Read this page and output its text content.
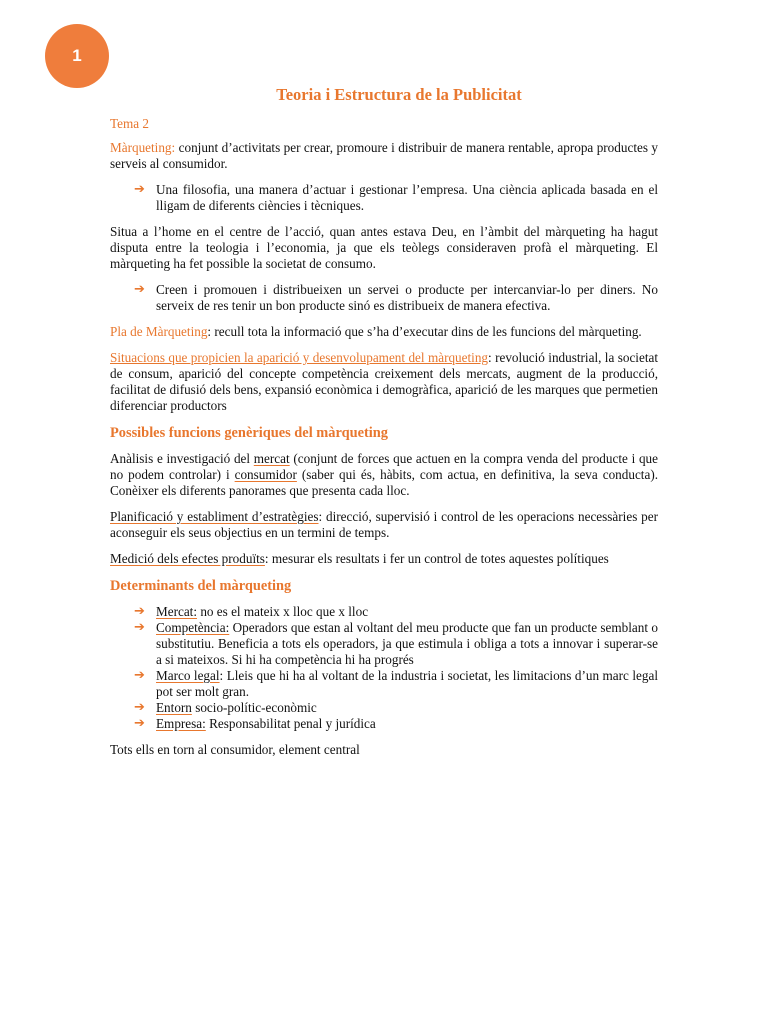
1
Teoria i Estructura de la Publicitat

Tema 2

Màrqueting: conjunt d’activitats per crear, promoure i distribuir de manera rentable, apropa productes y serveis al consumidor.

➔ Una filosofia, una manera d’actuar i gestionar l’empresa. Una ciència aplicada basada en el lligam de diferents ciències i tècniques.

Situa a l’home en el centre de l’acció, quan antes estava Deu, en l’àmbit del màrqueting ha hagut disputa entre la teologia i l’economia, ja que els teòlegs consideraven profà el màrqueting. El màrqueting ha fet possible la societat de consumo.

➔ Creen i promouen i distribueixen un servei o producte per intercanviar-lo per diners. No serveix de res tenir un bon producte sinó es distribueix de manera efectiva.

Pla de Màrqueting: recull tota la informació que s’ha d’executar dins de les funcions del màrqueting.

Situacions que propicien la aparició y desenvolupament del màrqueting: revolució industrial, la societat de consum, aparició del concepte competència creixement dels mercats, augment de la producció, facilitat de difusió dels bens, expansió econòmica i demogràfica, aparició de les marques que permetien diferenciar productors

Possibles funcions genèriques del màrqueting

Anàlisis e investigació del mercat (conjunt de forces que actuen en la compra venda del producte i que no podem controlar) i consumidor (saber qui és, hàbits, com actua, en definitiva, la seva conducta). Conèixer els diferents panorames que presenta cada lloc.

Planificació y establiment d’estratègies: direcció, supervisió i control de les operacions necessàries per aconseguir els seus objectius en un termini de temps.

Medició dels efectes produïts: mesurar els resultats i fer un control de totes aquestes polítiques

Determinants del màrqueting
➔ Mercat: no es el mateix x lloc que x lloc
➔ Competència: Operadors que estan al voltant del meu producte que fan un producte semblant o substitutiu. Beneficia a tots els operadors, ja que estimula i obliga a tots a innovar i superar-se a si mateixos. Si hi ha competència hi ha progrés
➔ Marco legal: Lleis que hi ha al voltant de la industria i societat, les limitacions d’un marc legal pot ser molt gran.
➔ Entorn socio-polític-econòmic
➔ Empresa: Responsabilitat penal y jurídica

Tots ells en torn al consumidor, element central
